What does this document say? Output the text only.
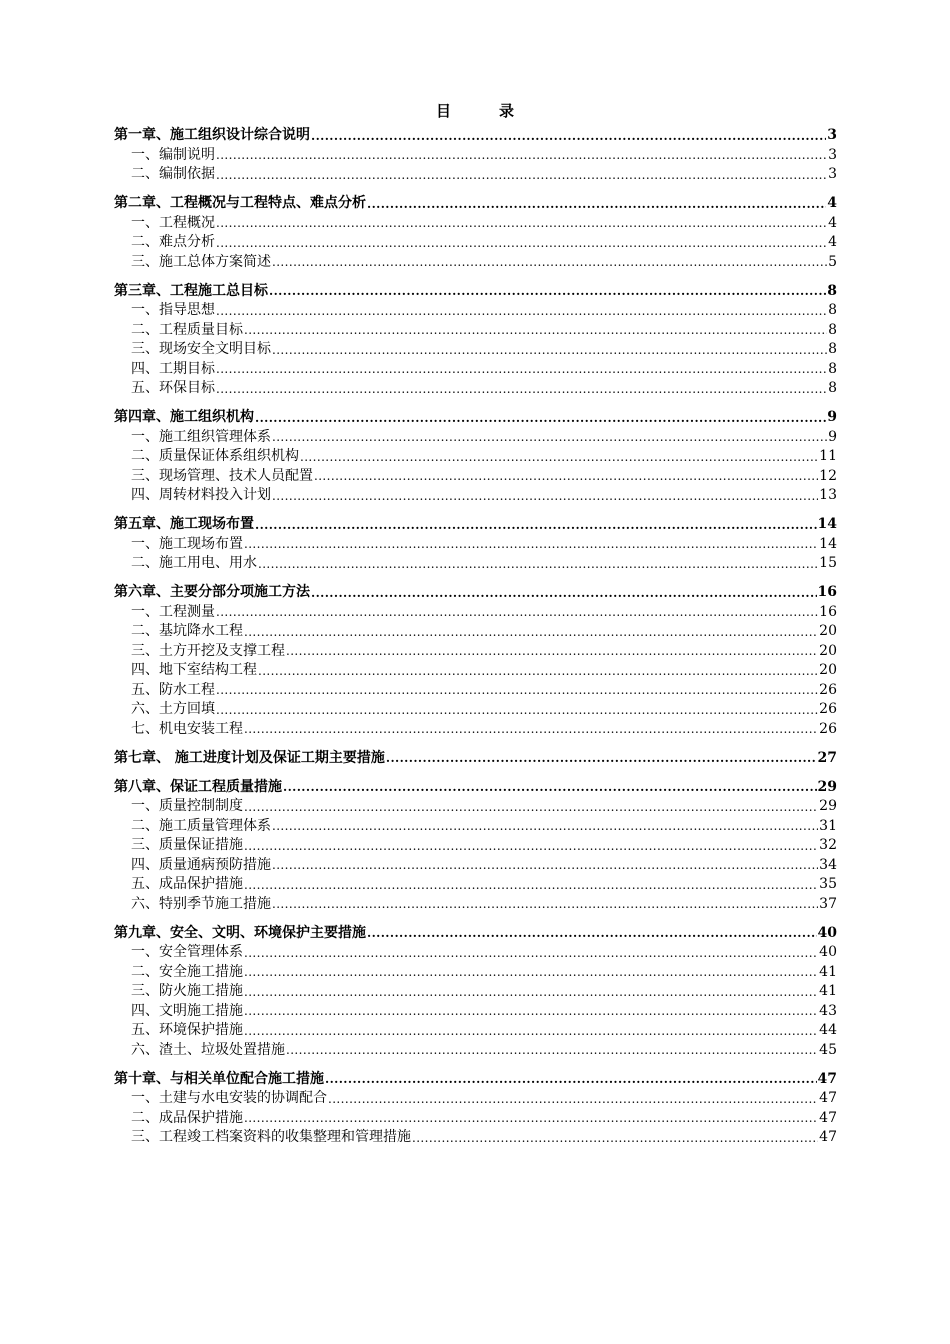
目	录
第一章、施工组织设计综合说明 .....	3
一、编制说明 .....	3
二、编制依据 .....	3
第二章、工程概况与工程特点、难点分析 .....	4
一、工程概况 .....	4
二、难点分析 .....	4
三、施工总体方案简述 .....	5
第三章、工程施工总目标 .....	8
一、指导思想 .....	8
二、工程质量目标 .....	8
三、现场安全文明目标 .....	8
四、工期目标 .....	8
五、环保目标 .....	8
第四章、施工组织机构 .....	9
一、施工组织管理体系 .....	9
二、质量保证体系组织机构 .....	11
三、现场管理、技术人员配置 .....	12
四、周转材料投入计划 .....	13
第五章、施工现场布置 .....	14
一、施工现场布置 .....	14
二、施工用电、用水 .....	15
第六章、主要分部分项施工方法 .....	16
一、工程测量 .....	16
二、基坑降水工程 .....	20
三、土方开挖及支撑工程 .....	20
四、地下室结构工程 .....	20
五、防水工程 .....	26
六、土方回填 .....	26
七、机电安装工程 .....	26
第七章、 施工进度计划及保证工期主要措施 .....	27
第八章、保证工程质量措施 .....	29
一、质量控制制度 .....	29
二、施工质量管理体系 .....	31
三、质量保证措施 .....	32
四、质量通病预防措施 .....	34
五、成品保护措施 .....	35
六、特别季节施工措施 .....	37
第九章、安全、文明、环境保护主要措施 .....	40
一、安全管理体系 .....	40
二、安全施工措施 .....	41
三、防火施工措施 .....	41
四、文明施工措施 .....	43
五、环境保护措施 .....	44
六、渣土、垃圾处置措施 .....	45
第十章、与相关单位配合施工措施 .....	47
一、土建与水电安装的协调配合 .....	47
二、成品保护措施 .....	47
三、工程竣工档案资料的收集整理和管理措施 .....	47
